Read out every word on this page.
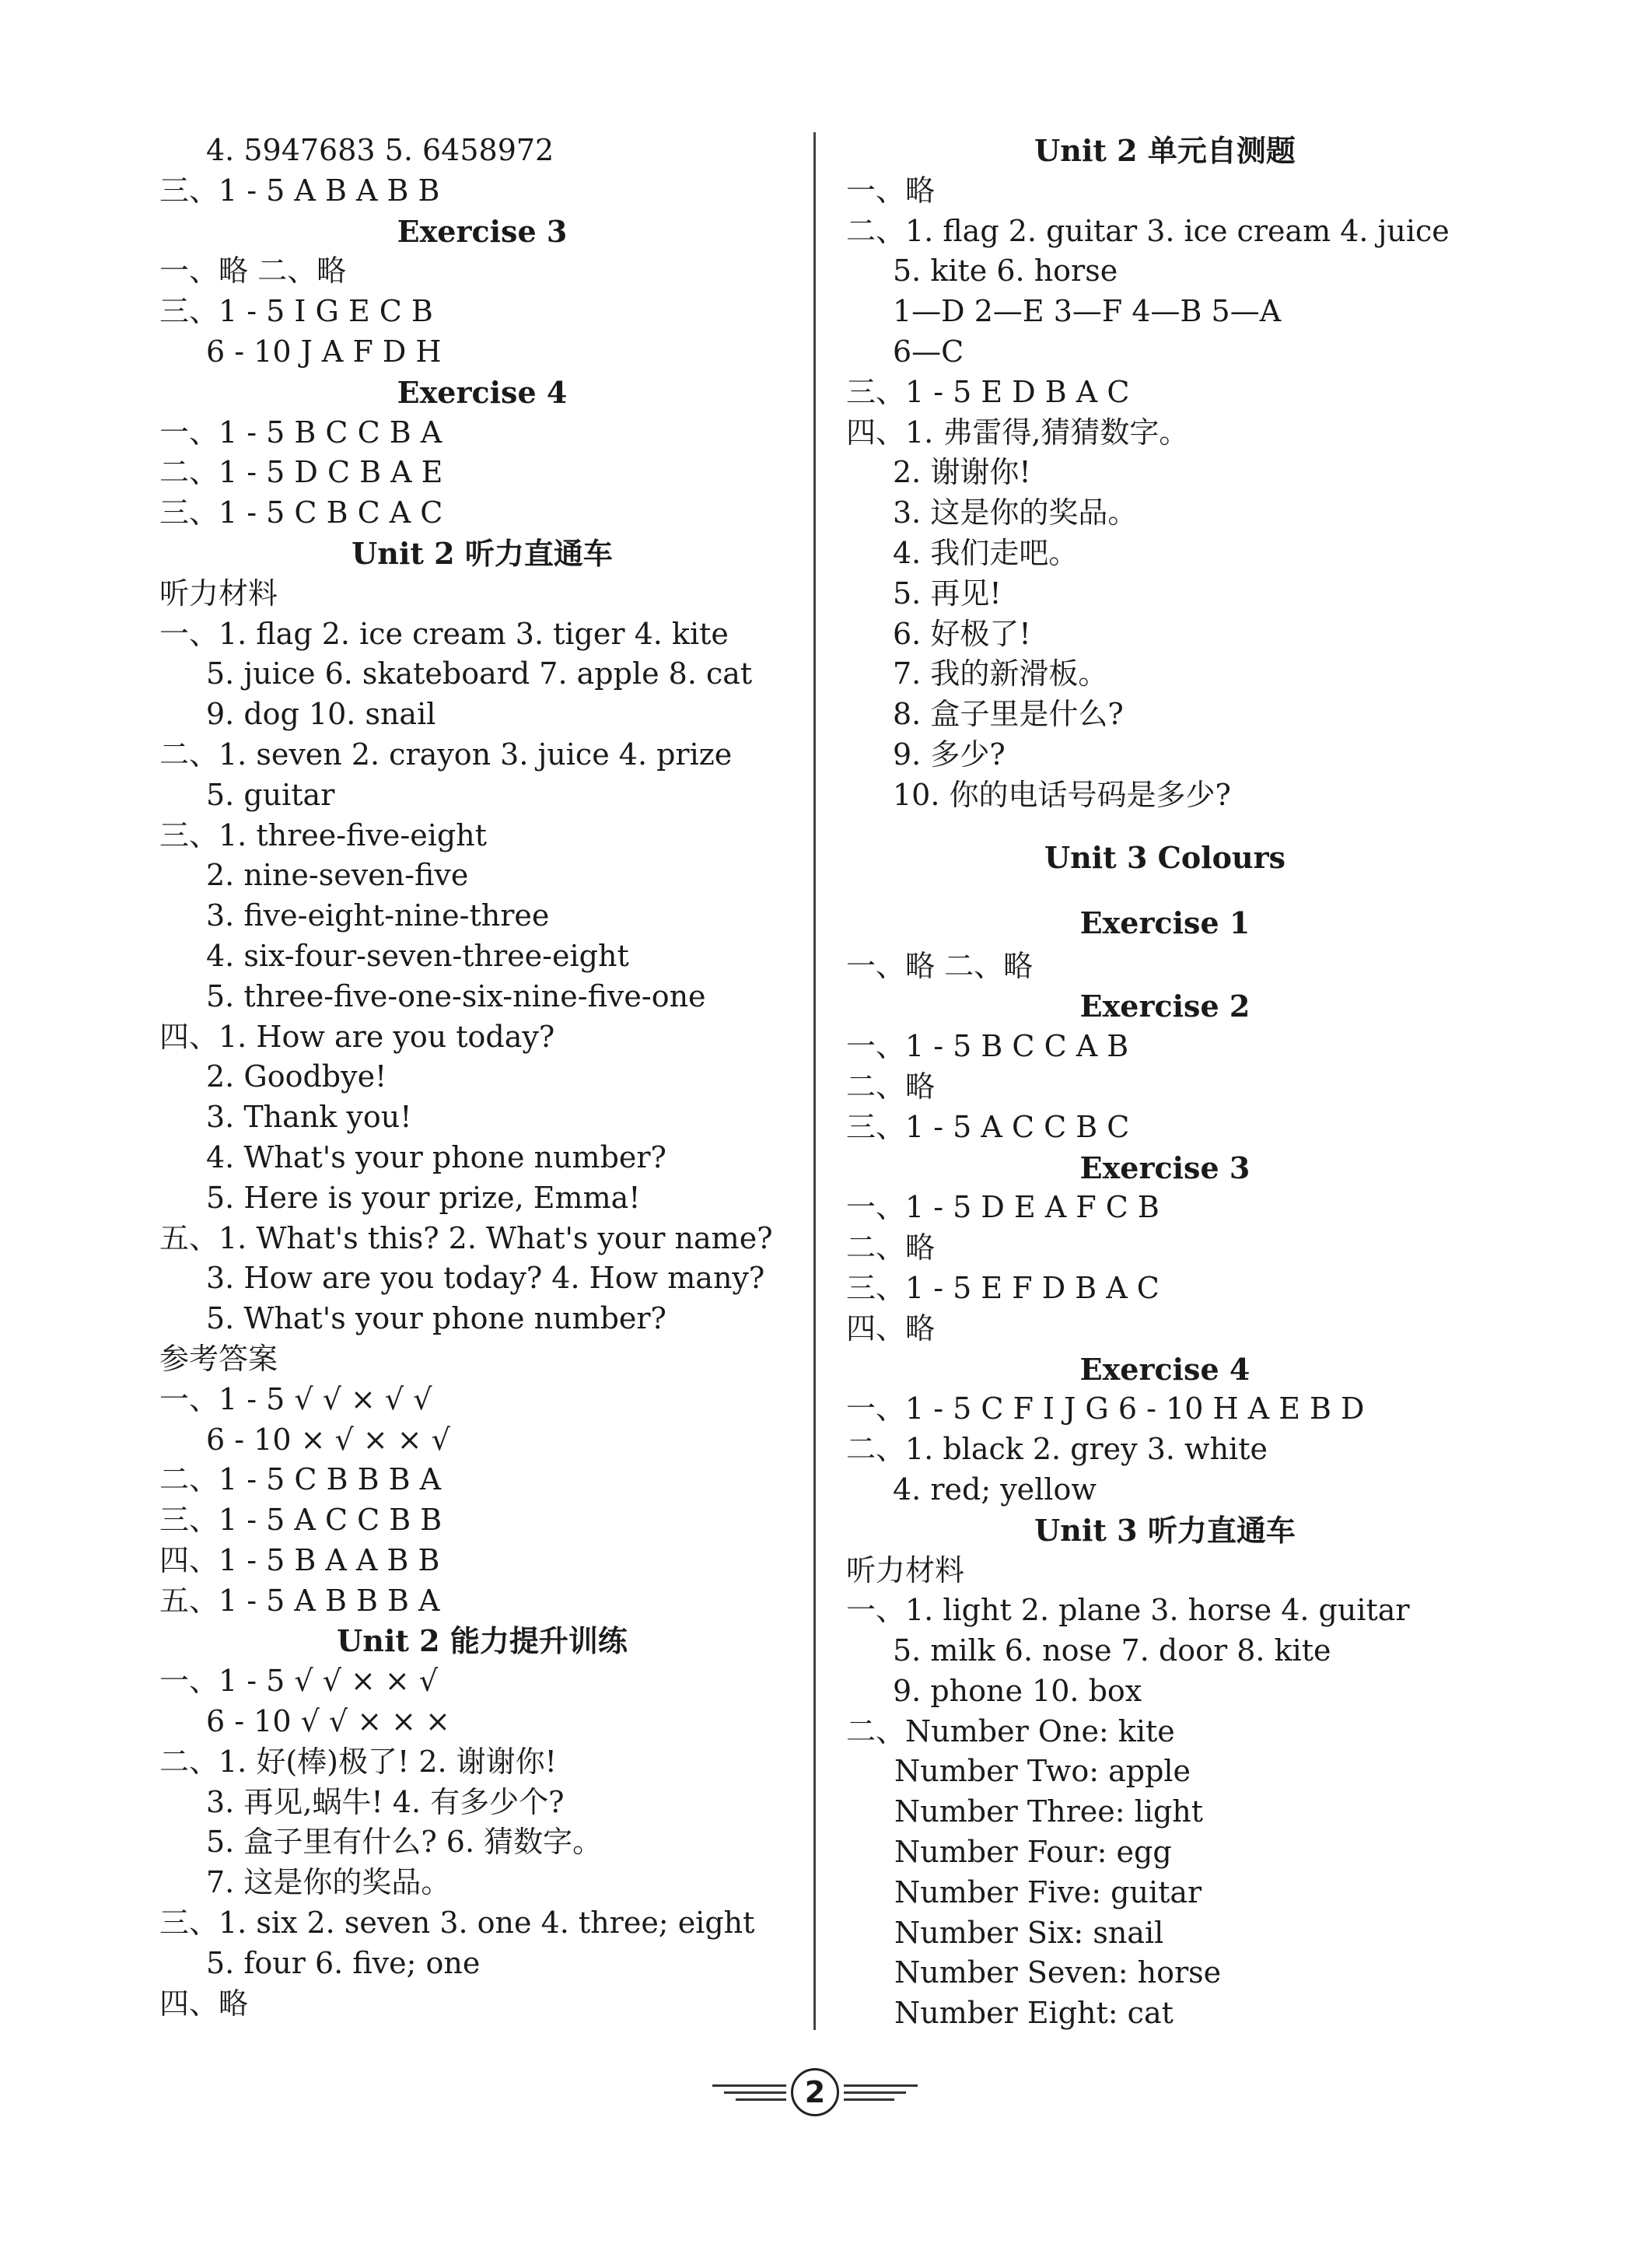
4. 5947683 5. 6458972
三、1 - 5 A B A B B
Exercise 3
一、略 二、略
三、1 - 5 I G E C B
6 - 10 J A F D H
Exercise 4
一、1 - 5 B C C B A
二、1 - 5 D C B A E
三、1 - 5 C B C A C
Unit 2 听力直通车
听力材料
一、1. flag 2. ice cream 3. tiger 4. kite
5. juice 6. skateboard 7. apple 8. cat
9. dog 10. snail
二、1. seven 2. crayon 3. juice 4. prize
5. guitar
三、1. three-five-eight
2. nine-seven-five
3. five-eight-nine-three
4. six-four-seven-three-eight
5. three-five-one-six-nine-five-one
四、1. How are you today?
2. Goodbye!
3. Thank you!
4. What's your phone number?
5. Here is your prize, Emma!
五、1. What's this? 2. What's your name?
3. How are you today? 4. How many?
5. What's your phone number?
参考答案
一、1 - 5 √ √ × √ √
6 - 10 × √ × × √
二、1 - 5 C B B B A
三、1 - 5 A C C B B
四、1 - 5 B A A B B
五、1 - 5 A B B B A
Unit 2 能力提升训练
一、1 - 5 √ √ × × √
6 - 10 √ √ × × ×
二、1. 好(棒)极了! 2. 谢谢你!
3. 再见,蜗牛! 4. 有多少个?
5. 盒子里有什么? 6. 猜数字。
7. 这是你的奖品。
三、1. six 2. seven 3. one 4. three; eight
5. four 6. five; one
四、略
Unit 2 单元自测题
一、略
二、1. flag 2. guitar 3. ice cream 4. juice
5. kite 6. horse
1—D 2—E 3—F 4—B 5—A
6—C
三、1 - 5 E D B A C
四、1. 弗雷得,猜猜数字。
2. 谢谢你!
3. 这是你的奖品。
4. 我们走吧。
5. 再见!
6. 好极了!
7. 我的新滑板。
8. 盒子里是什么?
9. 多少?
10. 你的电话号码是多少?
Unit 3 Colours
Exercise 1
一、略 二、略
Exercise 2
一、1 - 5 B C C A B
二、略
三、1 - 5 A C C B C
Exercise 3
一、1 - 5 D E A F C B
二、略
三、1 - 5 E F D B A C
四、略
Exercise 4
一、1 - 5 C F I J G 6 - 10 H A E B D
二、1. black 2. grey 3. white
4. red; yellow
Unit 3 听力直通车
听力材料
一、1. light 2. plane 3. horse 4. guitar
5. milk 6. nose 7. door 8. kite
9. phone 10. box
二、Number One: kite
Number Two: apple
Number Three: light
Number Four: egg
Number Five: guitar
Number Six: snail
Number Seven: horse
Number Eight: cat
2
